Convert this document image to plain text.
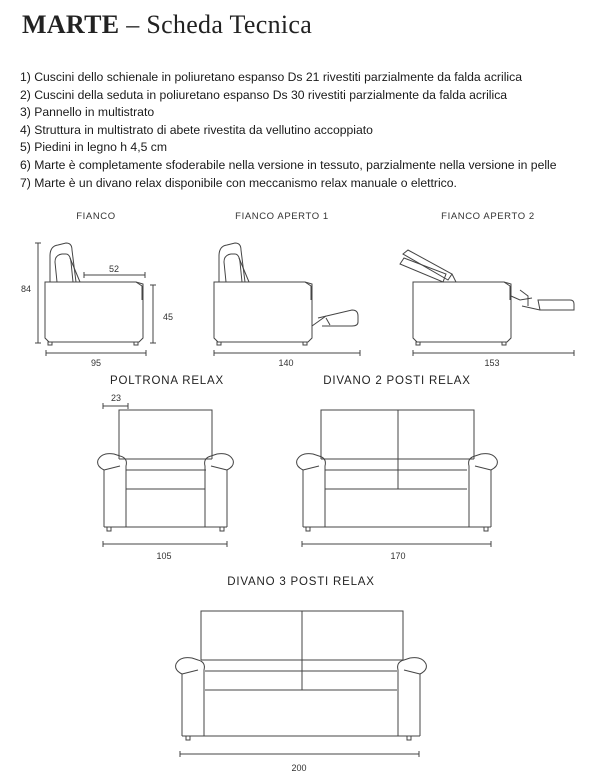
MARTE – Scheda Tecnica
1) Cuscini dello schienale in poliuretano espanso Ds 21 rivestiti parzialmente da falda acrilica
2) Cuscini della seduta in poliuretano espanso Ds 30 rivestiti parzialmente da falda acrilica
3) Pannello in multistrato
4) Struttura in multistrato di abete rivestita da vellutino accoppiato
5) Piedini in legno h 4,5 cm
6) Marte è completamente sfoderabile nella versione in tessuto, parzialmente nella versione in pelle
7) Marte è un divano relax disponibile con meccanismo relax manuale o elettrico.
FIANCO	FIANCO APERTO 1	FIANCO APERTO 2
84
52
45
95	140	153
POLTRONA RELAX	DIVANO 2 POSTI RELAX
DIVANO 3 POSTI RELAX
23
105	170
200
